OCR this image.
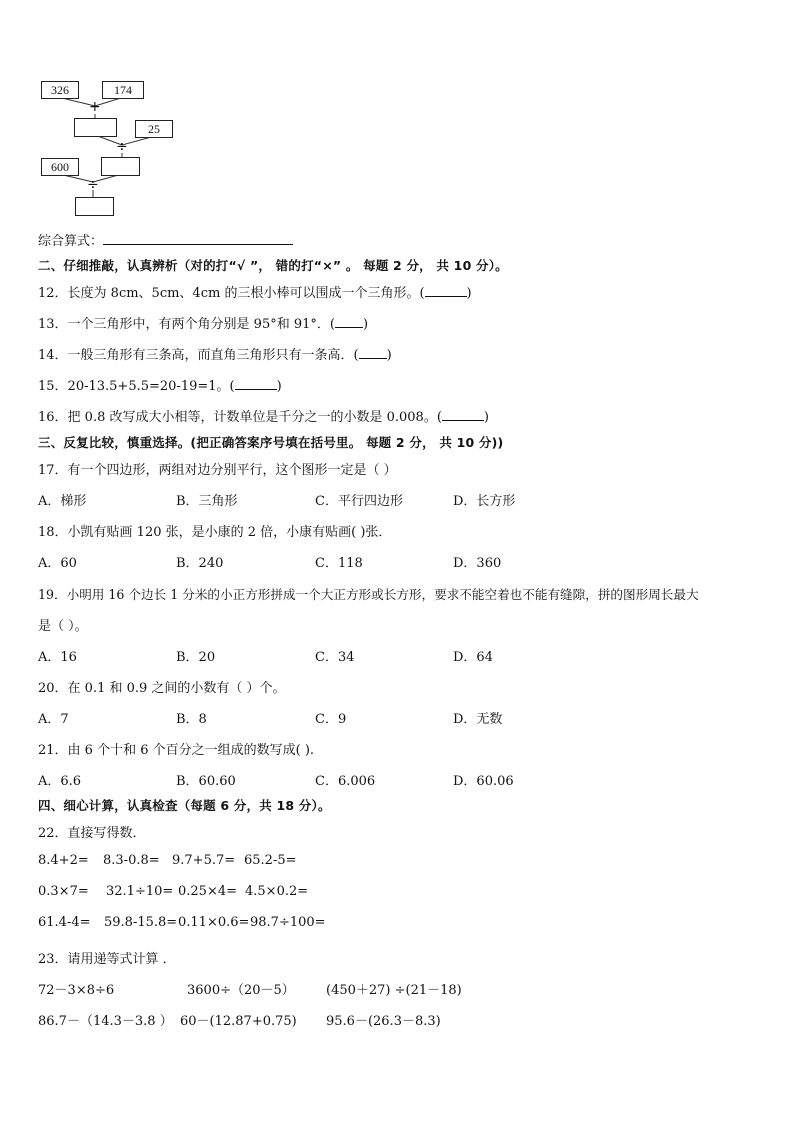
326	174
+
25
÷
600
÷
综合算式：
二、仔细推敲，认真辨析（对的打“√ ”， 错的打“×” 。 每题 2 分， 共 10 分）。
12．长度为 8cm、5cm、4cm 的三根小棒可以围成一个三角形。(	)
13．一个三角形中，有两个角分别是 95°和 91°．( )
14．一般三角形有三条高，而直角三角形只有一条高．( )
15．20-13.5+5.5=20-19=1。(	)
16．把 0.8 改写成大小相等，计数单位是千分之一的小数是 0.008。(	)
三、反复比较，慎重选择。(把正确答案序号填在括号里。 每题 2 分， 共 10 分))
17．有一个四边形，两组对边分别平行，这个图形一定是（ ）
A．梯形	B．三角形	C．平行四边形	D．长方形
18．小凯有贴画 120 张，是小康的 2 倍，小康有贴画( )张．
A．60	B．240	C．118	D．360
19．小明用 16 个边长 1 分米的小正方形拼成一个大正方形或长方形，要求不能空着也不能有缝隙，拼的图形周长最大
是（ ）。
A．16	B．20	C．34	D．64
20．在 0.1 和 0.9 之间的小数有（ ）个。
A．7	B．8	C．9	D．无数
21．由 6 个十和 6 个百分之一组成的数写成( ).
A．6.6	B．60.60	C．6.006	D．60.06
四、细心计算，认真检查（每题 6 分，共 18 分）。
22．直接写得数．
8.4+2= 8.3-0.8= 9.7+5.7= 65.2-5=
0.3×7= 32.1÷10= 0.25×4= 4.5×0.2=
61.4-4= 59.8-15.8= 0.11×0.6= 98.7÷100=
23．请用递等式计算 ．
72－3×8÷6	3600÷（20－5） (450＋27) ÷(21－18)
86.7－（14.3－3.8 ） 60－(12.87+0.75) 95.6－(26.3－8.3)
